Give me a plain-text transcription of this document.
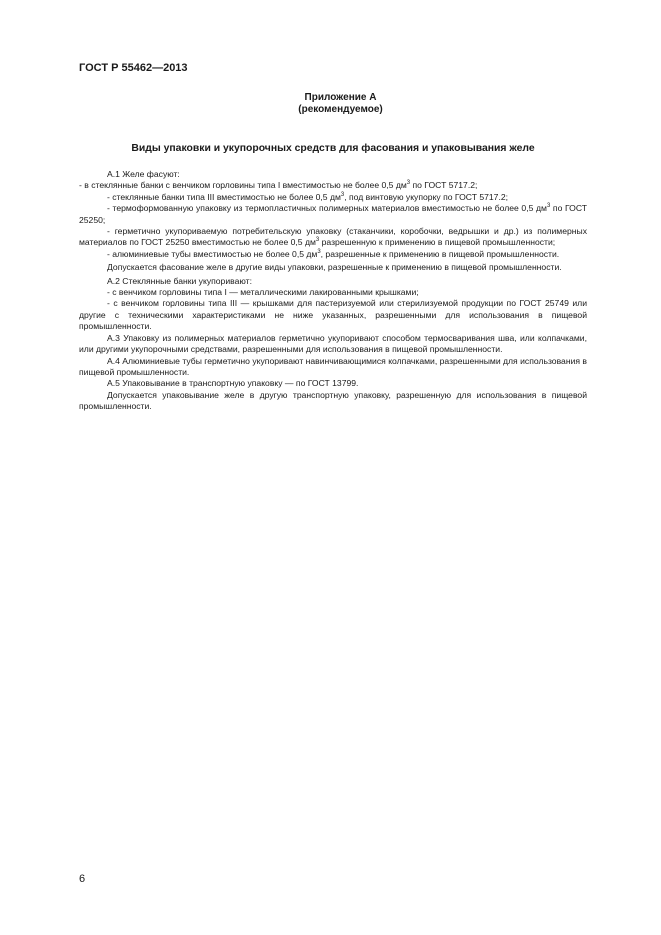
ГОСТ Р 55462—2013
Приложение А
(рекомендуемое)
Виды упаковки и укупорочных средств для фасования и упаковывания желе

А.1 Желе фасуют:

- в стеклянные банки с венчиком горловины типа I вместимостью не более 0,5 $дм^3$ по ГОСТ 5717.2;

- стеклянные банки типа III вместимостью не более 0,5 $дм^3$, под винтовую укупорку по ГОСТ 5717.2;

- термоформованную упаковку из термопластичных полимерных материалов вместимостью не более 0,5 $дм^3$ по ГОСТ 25250;

- герметично укупориваемую потребительскую упаковку (стаканчики, коробочки, ведрышки и др.) из полимерных материалов по ГОСТ 25250 вместимостью не более 0,5 $дм^3$ разрешенную к применению в пищевой промышленности;

- алюминиевые тубы вместимостью не более 0,5 $дм^3$, разрешенные к применению в пищевой промышленности.

Допускается фасование желе в другие виды упаковки, разрешенные к применению в пищевой промышленности.

А.2 Стеклянные банки укупоривают:

- с венчиком горловины типа I — металлическими лакированными крышками;

- с венчиком горловины типа III — крышками для пастеризуемой или стерилизуемой продукции по ГОСТ 25749 или другие с техническими характеристиками не ниже указанных, разрешенными для использования в пищевой промышленности.

А.3 Упаковку из полимерных материалов герметично укупоривают способом термосваривания шва, или колпачками, или другими укупорочными средствами, разрешенными для использования в пищевой промышленности.

А.4 Алюминиевые тубы герметично укупоривают навинчивающимися колпачками, разрешенными для использования в пищевой промышленности.

А.5 Упаковывание в транспортную упаковку — по ГОСТ 13799.

Допускается упаковывание желе в другую транспортную упаковку, разрешенную для использования в пищевой промышленности.

6
